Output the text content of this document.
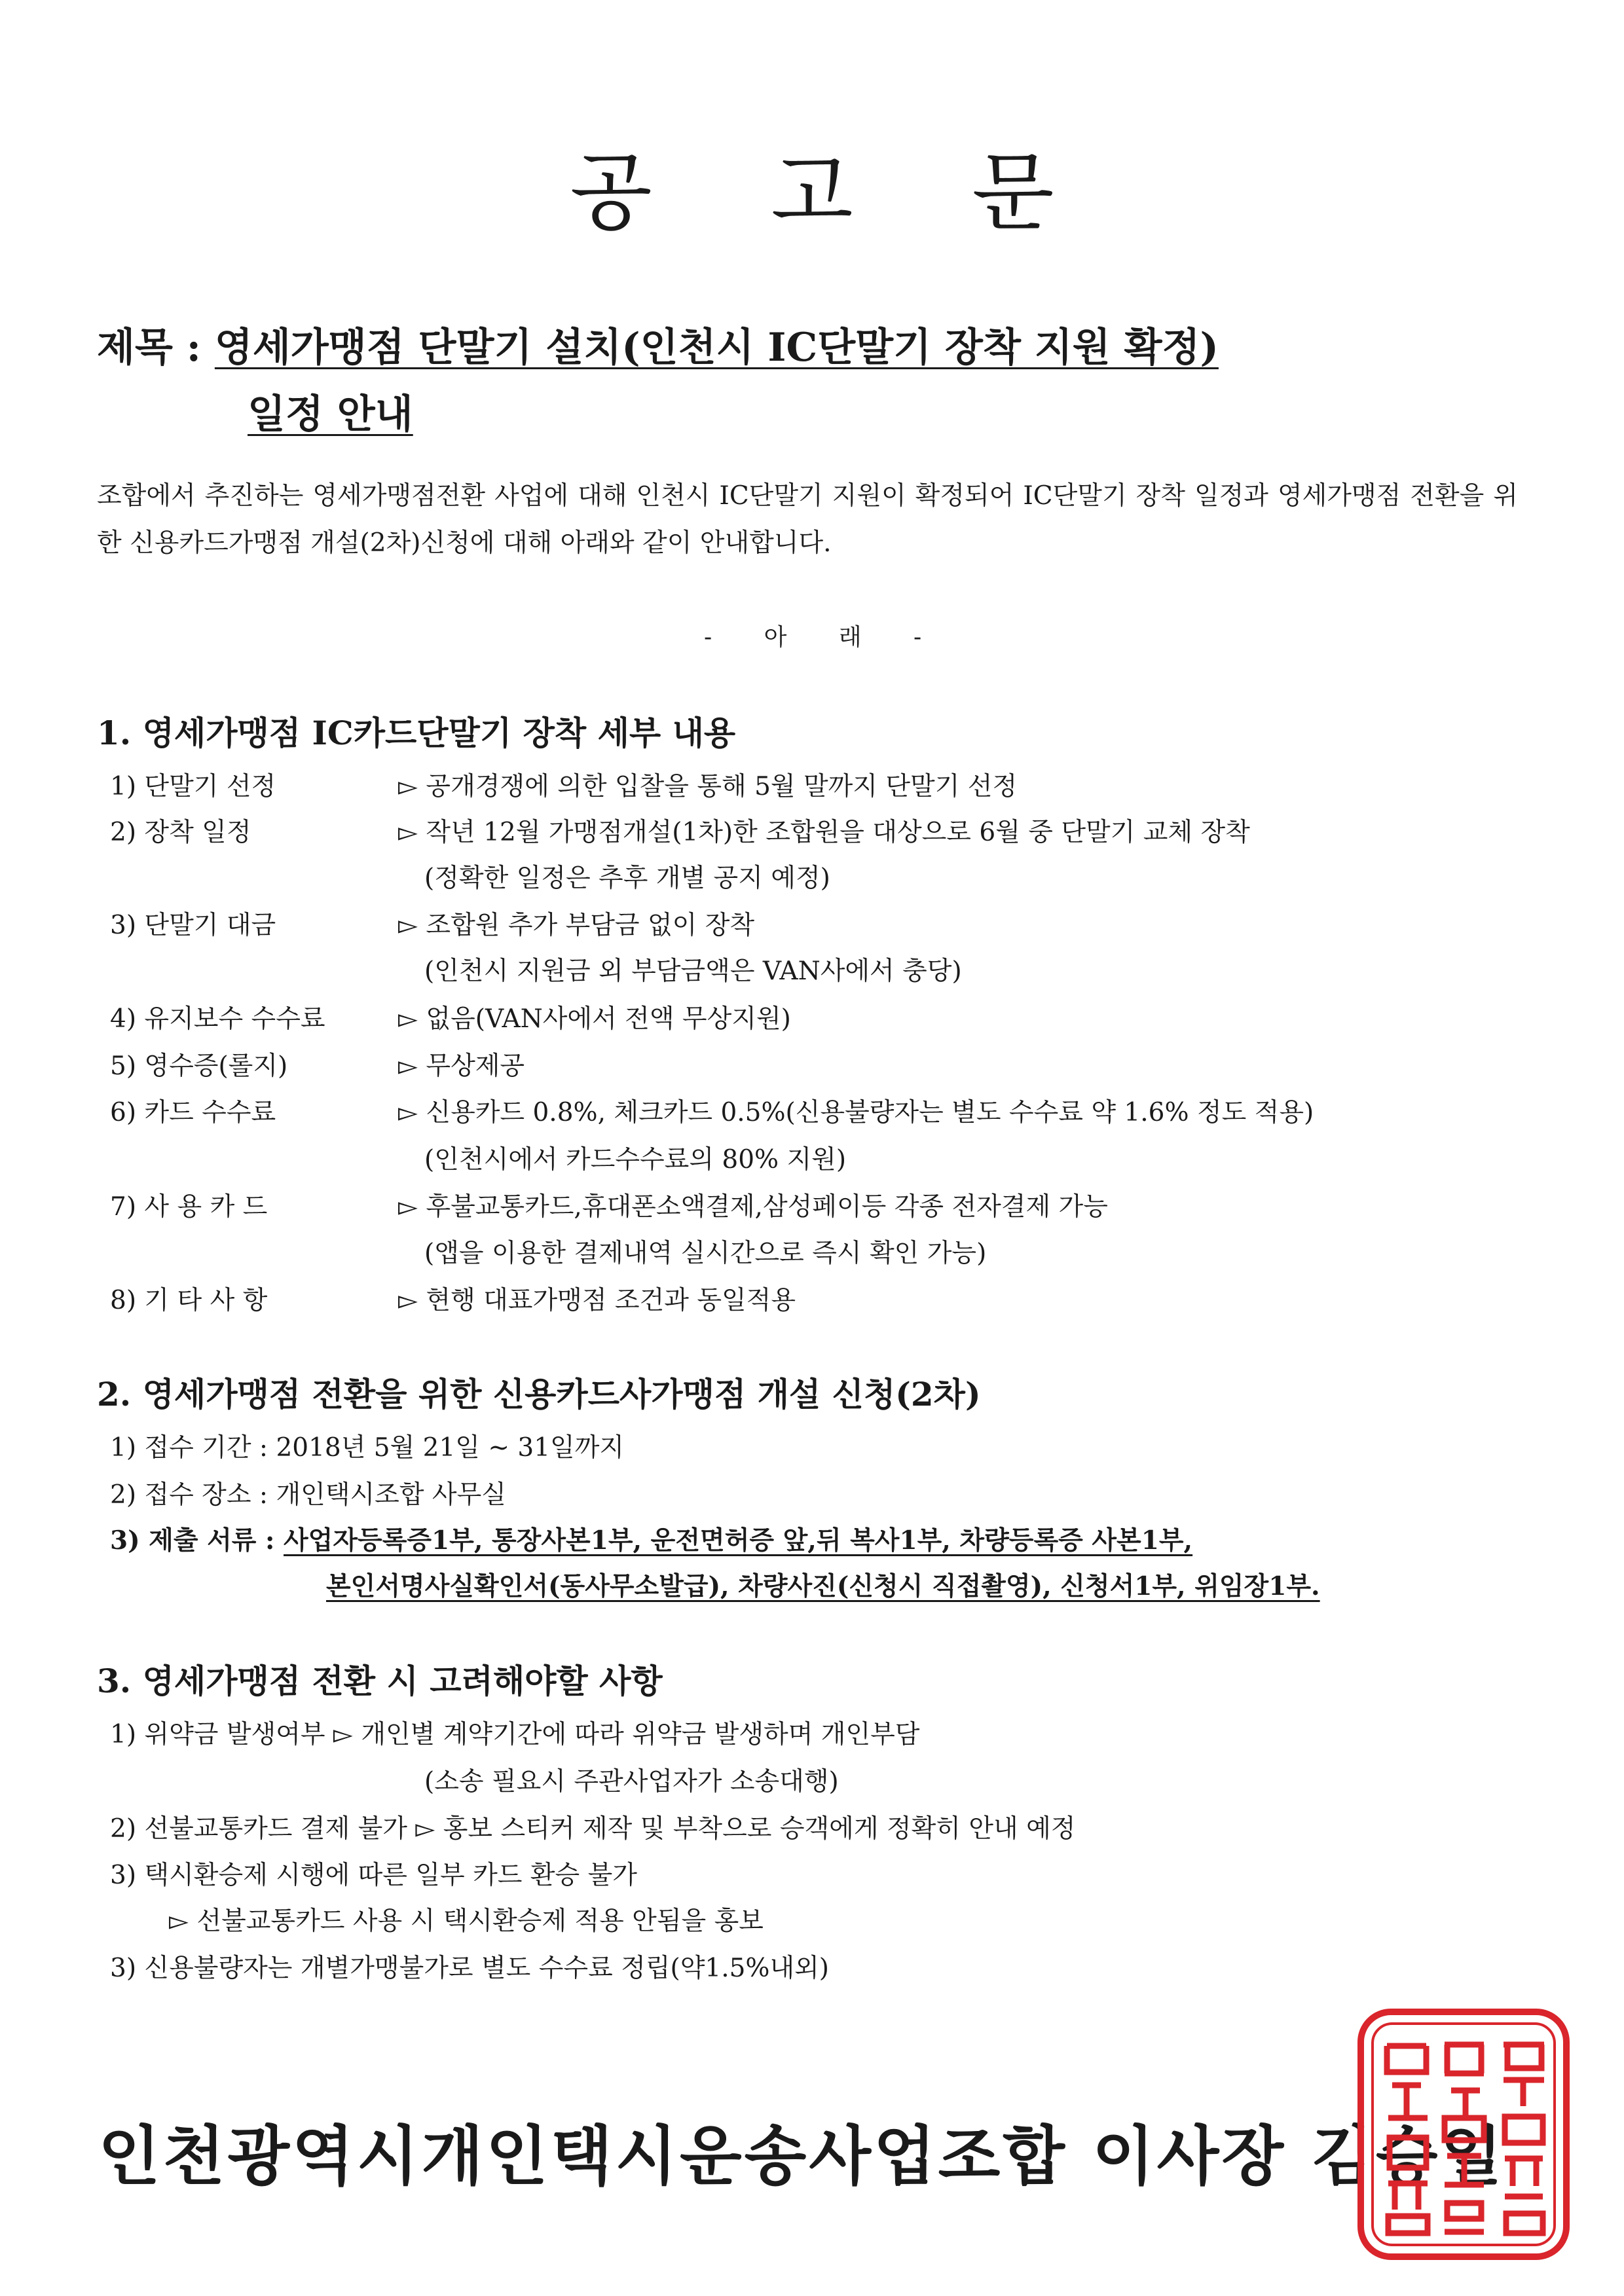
공 고 문
제목 : 영세가맹점 단말기 설치(인천시 IC단말기 장착 지원 확정)
일정 안내
조합에서 추진하는 영세가맹점전환 사업에 대해 인천시 IC단말기 지원이 확정되어 IC단말기 장착 일정과 영세가맹점 전환을 위한 신용카드가맹점 개설(2차)신청에 대해 아래와 같이 안내합니다.
- 아 래 -
1. 영세가맹점 IC카드단말기 장착 세부 내용
1) 단말기 선정	▻ 공개경쟁에 의한 입찰을 통해 5월 말까지 단말기 선정
2) 장착 일정	▻ 작년 12월 가맹점개설(1차)한 조합원을 대상으로 6월 중 단말기 교체 장착
(정확한 일정은 추후 개별 공지 예정)
3) 단말기 대금	▻ 조합원 추가 부담금 없이 장착
(인천시 지원금 외 부담금액은 VAN사에서 충당)
4) 유지보수 수수료	▻ 없음(VAN사에서 전액 무상지원)
5) 영수증(롤지)	▻ 무상제공
6) 카드 수수료	▻ 신용카드 0.8%, 체크카드 0.5%(신용불량자는 별도 수수료 약 1.6% 정도 적용)
(인천시에서 카드수수료의 80% 지원)
7) 사 용 카 드	▻ 후불교통카드,휴대폰소액결제,삼성페이등 각종 전자결제 가능
(앱을 이용한 결제내역 실시간으로 즉시 확인 가능)
8) 기 타 사 항	▻ 현행 대표가맹점 조건과 동일적용
2. 영세가맹점 전환을 위한 신용카드사가맹점 개설 신청(2차)
1) 접수 기간 : 2018년 5월 21일 ~ 31일까지
2) 접수 장소 : 개인택시조합 사무실
3) 제출 서류 : 사업자등록증1부, 통장사본1부, 운전면허증 앞,뒤 복사1부, 차량등록증 사본1부,
본인서명사실확인서(동사무소발급), 차량사진(신청시 직접촬영), 신청서1부, 위임장1부.
3. 영세가맹점 전환 시 고려해야할 사항
1) 위약금 발생여부 ▻ 개인별 계약기간에 따라 위약금 발생하며 개인부담
(소송 필요시 주관사업자가 소송대행)
2) 선불교통카드 결제 불가 ▻ 홍보 스티커 제작 및 부착으로 승객에게 정확히 안내 예정
3) 택시환승제 시행에 따른 일부 카드 환승 불가
▻ 선불교통카드 사용 시 택시환승제 적용 안됨을 홍보
3) 신용불량자는 개별가맹불가로 별도 수수료 정립(약1.5%내외)
인천광역시개인택시운송사업조합 이사장 김승일
